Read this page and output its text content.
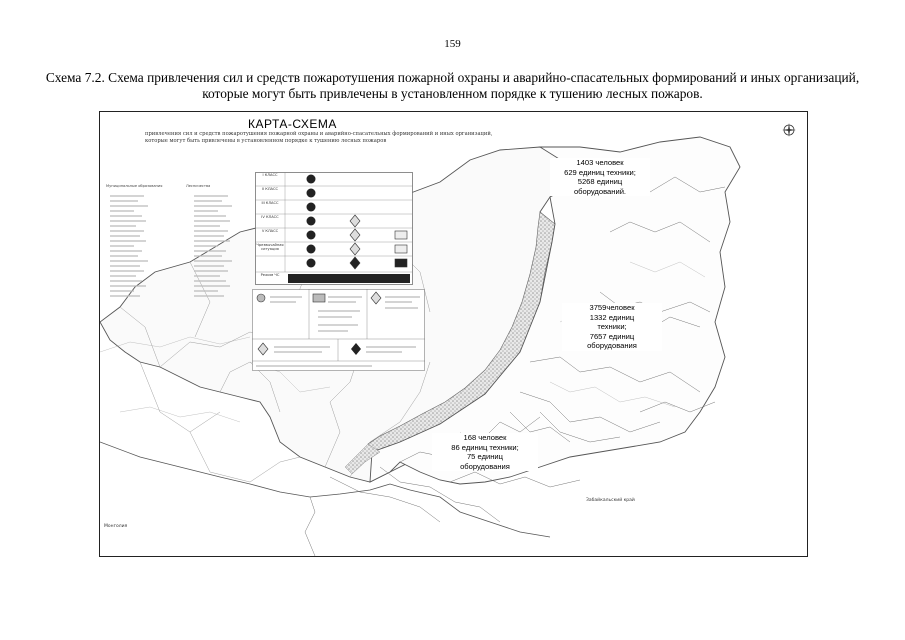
159
Схема 7.2. Схема привлечения сил и средств пожаротушения пожарной охраны и аварийно-спасательных формирований и иных организаций, которые могут быть привлечены в установленном порядке к тушению лесных пожаров.
КАРТА-СХЕМА
привлечения сил и средств пожаротушения пожарной охраны и аварийно-спасательных формирований и иных организаций, которые могут быть привлечены в установленном порядке к тушению лесных пожаров
Муниципальные образования	Лесничества
I КЛАСС
II КЛАСС
III КЛАСС
IV КЛАСС
V КЛАСС
Чрезвычайная ситуация
Режим ЧС
1403 человек
629 единиц техники;
5268 единиц
оборудований.
3759человек
1332 единиц
техники;
7657 единиц
оборудования
168 человек
86 единиц техники;
75 единиц
оборудования
Забайкальский край
Монголия
